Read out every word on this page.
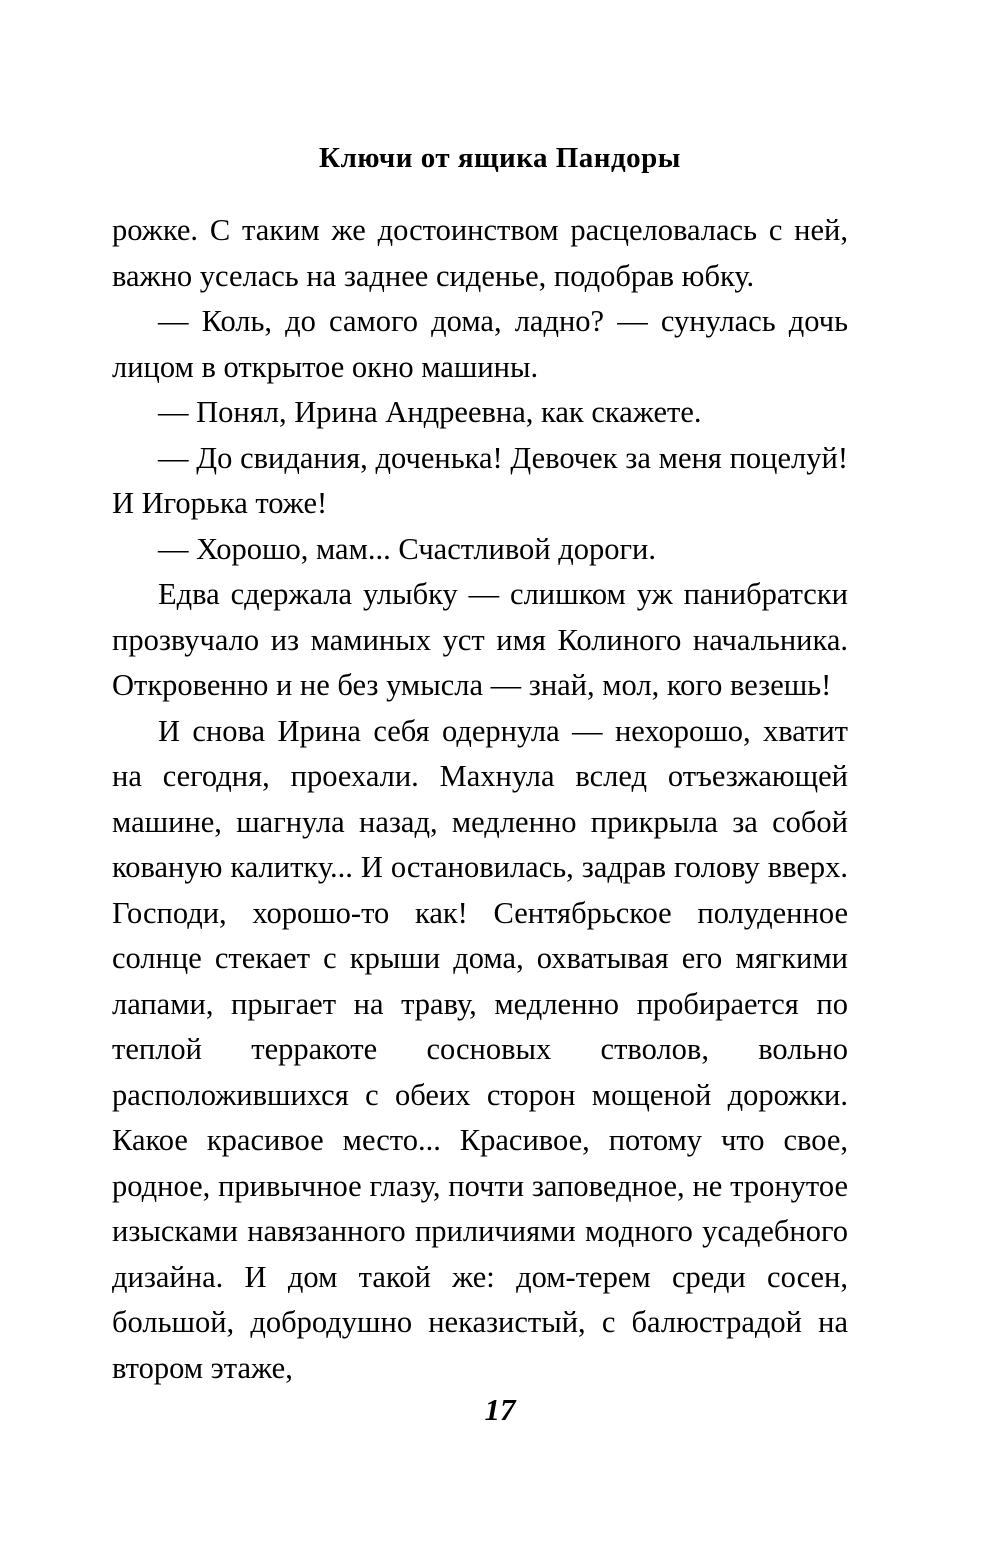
Ключи от ящика Пандоры

рожке. С таким же достоинством расцеловалась с ней, важно уселась на заднее сиденье, подобрав юбку.

— Коль, до самого дома, ладно? — сунулась дочь лицом в открытое окно машины.

— Понял, Ирина Андреевна, как скажете.

— До свидания, доченька! Девочек за меня поцелуй! И Игорька тоже!

— Хорошо, мам... Счастливой дороги.

Едва сдержала улыбку — слишком уж панибратски прозвучало из маминых уст имя Колиного начальника. Откровенно и не без умысла — знай, мол, кого везешь!

И снова Ирина себя одернула — нехорошо, хватит на сегодня, проехали. Махнула вслед отъезжающей машине, шагнула назад, медленно прикрыла за собой кованую калитку... И остановилась, задрав голову вверх. Господи, хорошо-то как! Сентябрьское полуденное солнце стекает с крыши дома, охватывая его мягкими лапами, прыгает на траву, медленно пробирается по теплой терракоте сосновых стволов, вольно расположившихся с обеих сторон мощеной дорожки. Какое красивое место... Красивое, потому что свое, родное, привычное глазу, почти заповедное, не тронутое изысками навязанного приличиями модного усадебного дизайна. И дом такой же: дом-терем среди сосен, большой, добродушно неказистый, с балюстрадой на втором этаже,

17
